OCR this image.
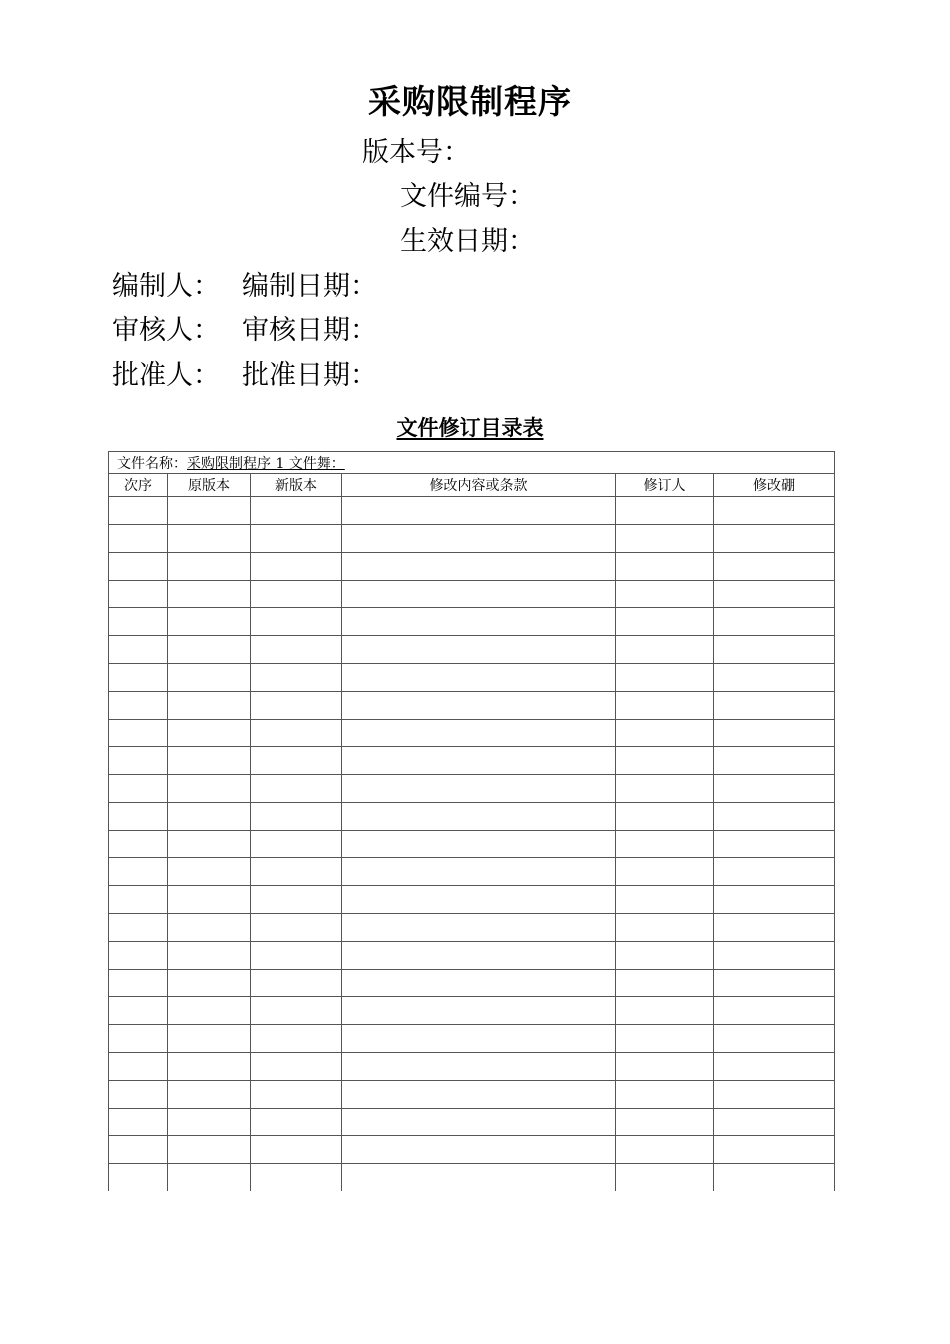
采购限制程序
版本号：
文件编号：
生效日期：
编制人： 编制日期：
审核人： 审核日期：
批准人： 批准日期：
文件修订目录表
文件名称：采购限制程序 1 文件舞：					
次序	原版本	新版本	修改内容或条款	修订人	修改硼
